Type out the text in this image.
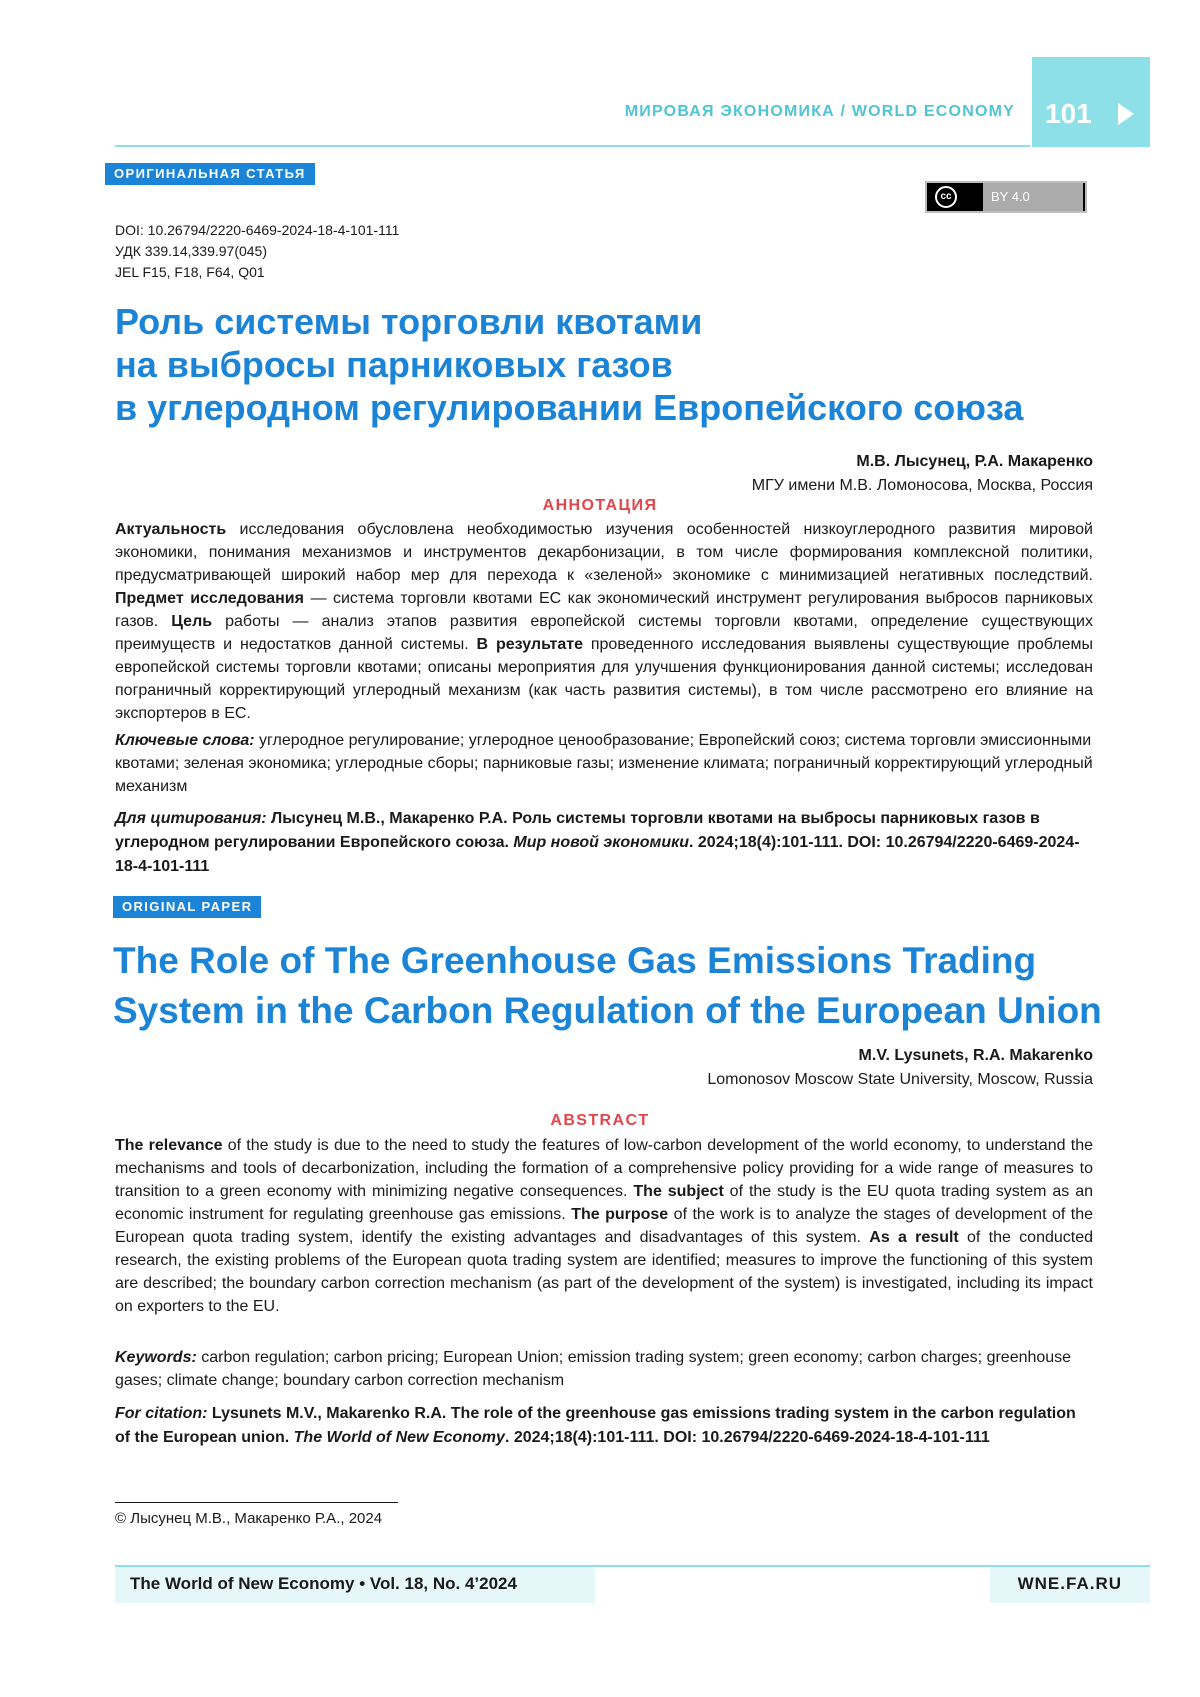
МИРОВАЯ ЭКОНОМИКА / WORLD ECONOMY 101
ОРИГИНАЛЬНАЯ СТАТЬЯ
cc	BY 4.0
DOI: 10.26794/2220-6469-2024-18-4-101-111
УДК 339.14,339.97(045)
JEL F15, F18, F64, Q01
Роль системы торговли квотами
на выбросы парниковых газов
в углеродном регулировании Европейского союза
М.В. Лысунец, Р.А. Макаренко
МГУ имени М.В. Ломоносова, Москва, Россия
АННОТАЦИЯ

Актуальность исследования обусловлена необходимостью изучения особенностей низкоуглеродного развития мировой экономики, понимания механизмов и инструментов декарбонизации, в том числе формирования комплексной политики, предусматривающей широкий набор мер для перехода к «зеленой» экономике с минимизацией негативных последствий. Предмет исследования — система торговли квотами ЕС как экономический инструмент регулирования выбросов парниковых газов. Цель работы — анализ этапов развития европейской системы торговли квотами, определение существующих преимуществ и недостатков данной системы. В результате проведенного исследования выявлены существующие проблемы европейской системы торговли квотами; описаны мероприятия для улучшения функционирования данной системы; исследован пограничный корректирующий углеродный механизм (как часть развития системы), в том числе рассмотрено его влияние на экспортеров в ЕС.

Ключевые слова: углеродное регулирование; углеродное ценообразование; Европейский союз; система торговли эмиссионными квотами; зеленая экономика; углеродные сборы; парниковые газы; изменение климата; пограничный корректирующий углеродный механизм

Для цитирования: Лысунец М.В., Макаренко Р.А. Роль системы торговли квотами на выбросы парниковых газов в углеродном регулировании Европейского союза. Мир новой экономики. 2024;18(4):101-111. DOI: 10.26794/2220-6469-2024-18-4-101-111

ORIGINAL PAPER
The Role of The Greenhouse Gas Emissions Trading
System in the Carbon Regulation of the European Union
M.V. Lysunets, R.A. Makarenko
Lomonosov Moscow State University, Moscow, Russia
ABSTRACT

The relevance of the study is due to the need to study the features of low-carbon development of the world economy, to understand the mechanisms and tools of decarbonization, including the formation of a comprehensive policy providing for a wide range of measures to transition to a green economy with minimizing negative consequences. The subject of the study is the EU quota trading system as an economic instrument for regulating greenhouse gas emissions. The purpose of the work is to analyze the stages of development of the European quota trading system, identify the existing advantages and disadvantages of this system. As a result of the conducted research, the existing problems of the European quota trading system are identified; measures to improve the functioning of this system are described; the boundary carbon correction mechanism (as part of the development of the system) is investigated, including its impact on exporters to the EU.

Keywords: carbon regulation; carbon pricing; European Union; emission trading system; green economy; carbon charges; greenhouse gases; climate change; boundary carbon correction mechanism

For citation: Lysunets M.V., Makarenko R.A. The role of the greenhouse gas emissions trading system in the carbon regulation of the European union. The World of New Economy. 2024;18(4):101-111. DOI: 10.26794/2220-6469-2024-18-4-101-111

© Лысунец М.В., Макаренко Р.А., 2024
The World of New Economy • Vol. 18, No. 4’2024	WNE.FA.RU
